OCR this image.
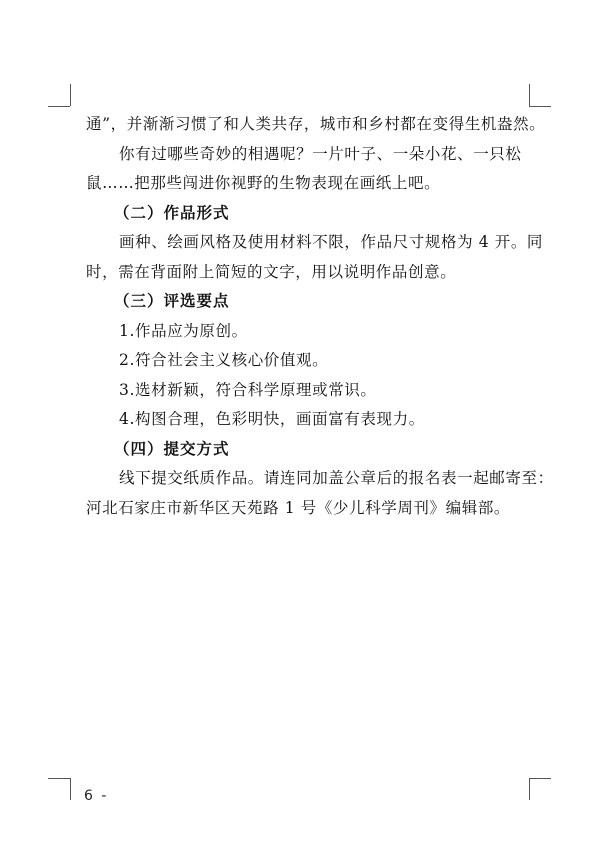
通”，并渐渐习惯了和人类共存，城市和乡村都在变得生机盎然。

你有过哪些奇妙的相遇呢？一片叶子、一朵小花、一只松

鼠……把那些闯进你视野的生物表现在画纸上吧。

（二）作品形式

画种、绘画风格及使用材料不限，作品尺寸规格为 4 开。同

时，需在背面附上简短的文字，用以说明作品创意。

（三）评选要点

1.作品应为原创。

2.符合社会主义核心价值观。

3.选材新颖，符合科学原理或常识。

4.构图合理，色彩明快，画面富有表现力。

（四）提交方式

线下提交纸质作品。请连同加盖公章后的报名表一起邮寄至：

河北石家庄市新华区天苑路 1 号《少儿科学周刊》编辑部。

6 -
